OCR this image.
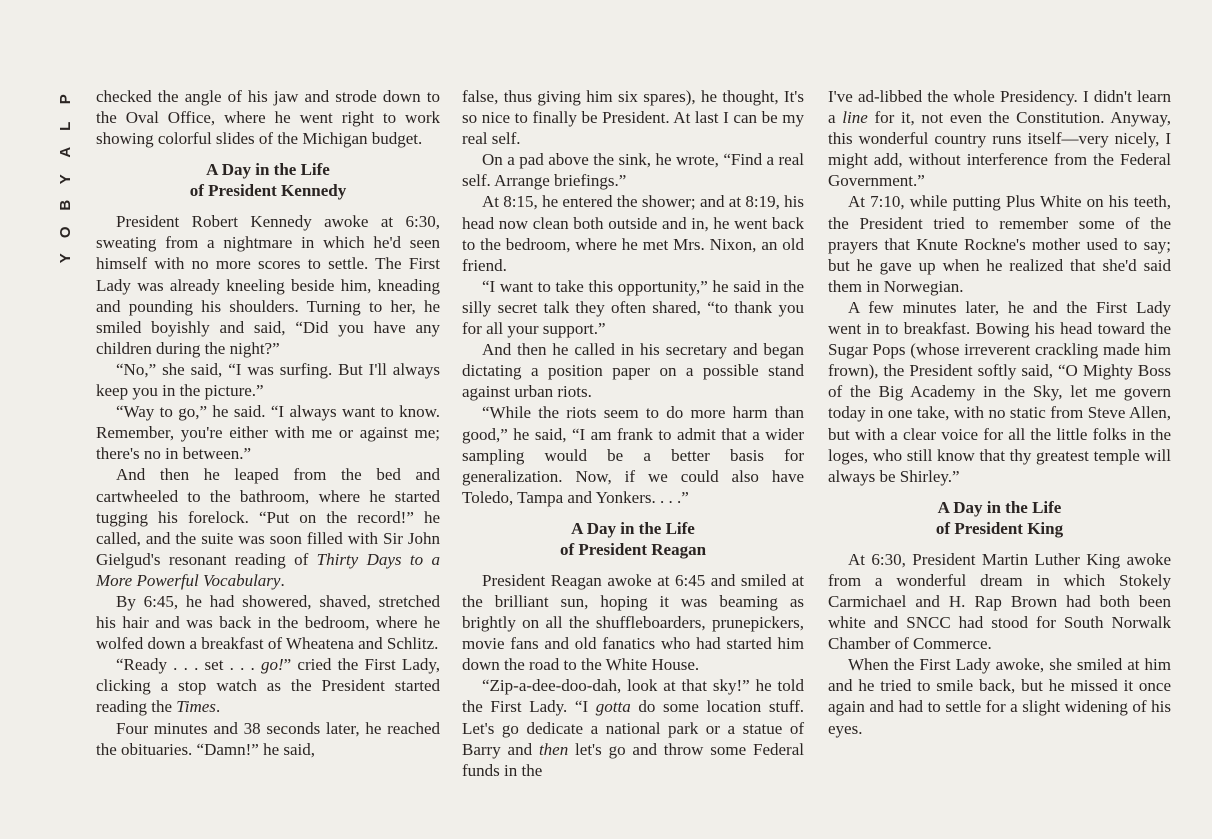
P
L
A
Y
B
O
Y

checked the angle of his jaw and strode down to the Oval Office, where he went right to work showing colorful slides of the Michigan budget.

A Day in the Life
of President Kennedy

President Robert Kennedy awoke at 6:30, sweating from a nightmare in which he'd seen himself with no more scores to settle. The First Lady was already kneeling beside him, kneading and pounding his shoulders. Turning to her, he smiled boyishly and said, “Did you have any children during the night?”

“No,” she said, “I was surfing. But I'll always keep you in the picture.”

“Way to go,” he said. “I always want to know. Remember, you're either with me or against me; there's no in between.”

And then he leaped from the bed and cartwheeled to the bathroom, where he started tugging his forelock. “Put on the record!” he called, and the suite was soon filled with Sir John Gielgud's resonant reading of Thirty Days to a More Powerful Vocabulary.

By 6:45, he had showered, shaved, stretched his hair and was back in the bedroom, where he wolfed down a breakfast of Wheatena and Schlitz.

“Ready . . . set . . . go!” cried the First Lady, clicking a stop watch as the President started reading the Times.

Four minutes and 38 seconds later, he reached the obituaries. “Damn!” he said,

false, thus giving him six spares), he thought, It's so nice to finally be President. At last I can be my real self.

On a pad above the sink, he wrote, “Find a real self. Arrange briefings.”

At 8:15, he entered the shower; and at 8:19, his head now clean both outside and in, he went back to the bedroom, where he met Mrs. Nixon, an old friend.

“I want to take this opportunity,” he said in the silly secret talk they often shared, “to thank you for all your support.”

And then he called in his secretary and began dictating a position paper on a possible stand against urban riots.

“While the riots seem to do more harm than good,” he said, “I am frank to admit that a wider sampling would be a better basis for generalization. Now, if we could also have Toledo, Tampa and Yonkers. . . .”

A Day in the Life
of President Reagan

President Reagan awoke at 6:45 and smiled at the brilliant sun, hoping it was beaming as brightly on all the shuffleboarders, prunepickers, movie fans and old fanatics who had started him down the road to the White House.

“Zip-a-dee-doo-dah, look at that sky!” he told the First Lady. “I gotta do some location stuff. Let's go dedicate a national park or a statue of Barry and then let's go and throw some Federal funds in the

I've ad-libbed the whole Presidency. I didn't learn a line for it, not even the Constitution. Anyway, this wonderful country runs itself—very nicely, I might add, without interference from the Federal Government.”

At 7:10, while putting Plus White on his teeth, the President tried to remember some of the prayers that Knute Rockne's mother used to say; but he gave up when he realized that she'd said them in Norwegian.

A few minutes later, he and the First Lady went in to breakfast. Bowing his head toward the Sugar Pops (whose irreverent crackling made him frown), the President softly said, “O Mighty Boss of the Big Academy in the Sky, let me govern today in one take, with no static from Steve Allen, but with a clear voice for all the little folks in the loges, who still know that thy greatest temple will always be Shirley.”

A Day in the Life
of President King

At 6:30, President Martin Luther King awoke from a wonderful dream in which Stokely Carmichael and H. Rap Brown had both been white and SNCC had stood for South Norwalk Chamber of Commerce.

When the First Lady awoke, she smiled at him and he tried to smile back, but he missed it once again and had to settle for a slight widening of his eyes.
